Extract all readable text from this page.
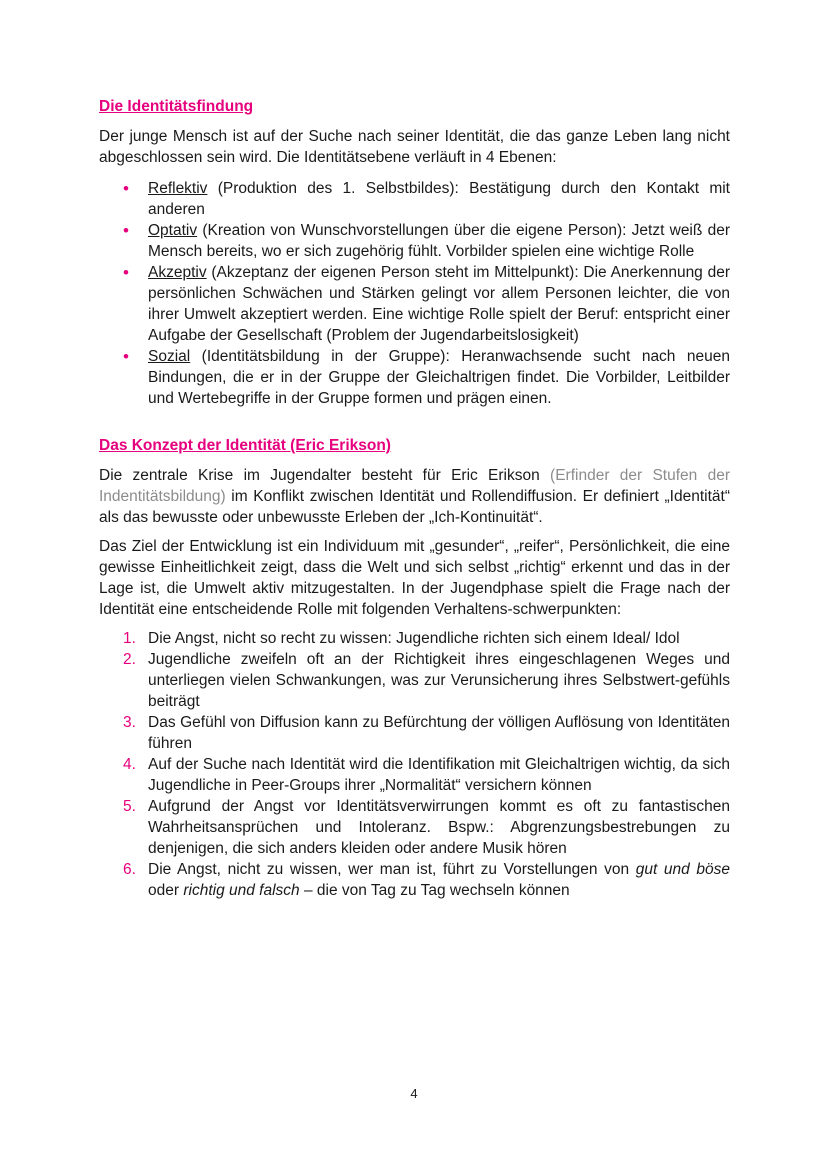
Die Identitätsfindung

Der junge Mensch ist auf der Suche nach seiner Identität, die das ganze Leben lang nicht abgeschlossen sein wird. Die Identitätsebene verläuft in 4 Ebenen:

• Reflektiv (Produktion des 1. Selbstbildes): Bestätigung durch den Kontakt mit anderen
• Optativ (Kreation von Wunschvorstellungen über die eigene Person): Jetzt weiß der Mensch bereits, wo er sich zugehörig fühlt. Vorbilder spielen eine wichtige Rolle
• Akzeptiv (Akzeptanz der eigenen Person steht im Mittelpunkt): Die Anerkennung der persönlichen Schwächen und Stärken gelingt vor allem Personen leichter, die von ihrer Umwelt akzeptiert werden. Eine wichtige Rolle spielt der Beruf: entspricht einer Aufgabe der Gesellschaft (Problem der Jugendarbeitslosigkeit)
• Sozial (Identitätsbildung in der Gruppe): Heranwachsende sucht nach neuen Bindungen, die er in der Gruppe der Gleichaltrigen findet. Die Vorbilder, Leitbilder und Wertebegriffe in der Gruppe formen und prägen einen.
Das Konzept der Identität (Eric Erikson)

Die zentrale Krise im Jugendalter besteht für Eric Erikson (Erfinder der Stufen der Indentitätsbildung) im Konflikt zwischen Identität und Rollendiffusion. Er definiert „Identität“ als das bewusste oder unbewusste Erleben der „Ich-Kontinuität“.

Das Ziel der Entwicklung ist ein Individuum mit „gesunder“, „reifer“, Persönlichkeit, die eine gewisse Einheitlichkeit zeigt, dass die Welt und sich selbst „richtig“ erkennt und das in der Lage ist, die Umwelt aktiv mitzugestalten. In der Jugendphase spielt die Frage nach der Identität eine entscheidende Rolle mit folgenden Verhaltens-schwerpunkten:

1. Die Angst, nicht so recht zu wissen: Jugendliche richten sich einem Ideal/ Idol
2. Jugendliche zweifeln oft an der Richtigkeit ihres eingeschlagenen Weges und unterliegen vielen Schwankungen, was zur Verunsicherung ihres Selbstwert-gefühls beiträgt
3. Das Gefühl von Diffusion kann zu Befürchtung der völligen Auflösung von Identitäten führen
4. Auf der Suche nach Identität wird die Identifikation mit Gleichaltrigen wichtig, da sich Jugendliche in Peer-Groups ihrer „Normalität“ versichern können
5. Aufgrund der Angst vor Identitätsverwirrungen kommt es oft zu fantastischen Wahrheitsansprüchen und Intoleranz. Bspw.: Abgrenzungsbestrebungen zu denjenigen, die sich anders kleiden oder andere Musik hören
6. Die Angst, nicht zu wissen, wer man ist, führt zu Vorstellungen von gut und böse oder richtig und falsch – die von Tag zu Tag wechseln können
4
